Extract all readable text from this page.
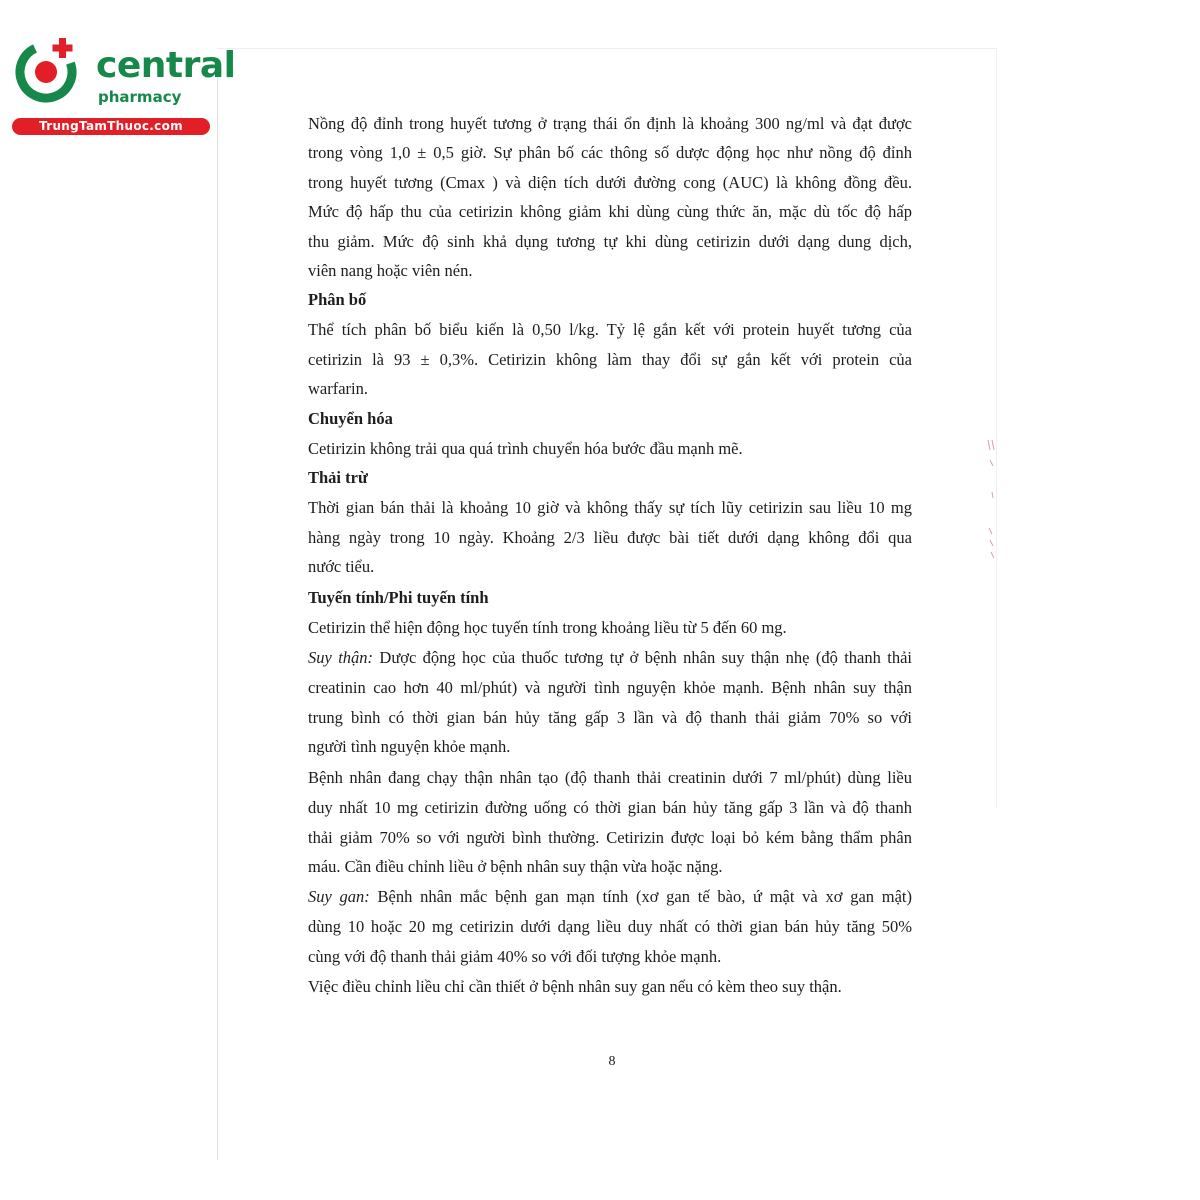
central
pharmacy
TrungTamThuoc.com	Nồng độ đỉnh trong huyết tương ở trạng thái ổn định là khoảng 300 ng/ml và đạt được
trong vòng 1,0 ± 0,5 giờ. Sự phân bố các thông số dược động học như nồng độ đỉnh
trong huyết tương (Cmax ) và diện tích dưới đường cong (AUC) là không đồng đều.
Mức độ hấp thu của cetirizin không giảm khi dùng cùng thức ăn, mặc dù tốc độ hấp
thu giảm. Mức độ sinh khả dụng tương tự khi dùng cetirizin dưới dạng dung dịch,
viên nang hoặc viên nén.
Phân bố
Thể tích phân bố biểu kiến là 0,50 l/kg. Tỷ lệ gắn kết với protein huyết tương của
cetirizin là 93 ± 0,3%. Cetirizin không làm thay đổi sự gắn kết với protein của
warfarin.
Chuyển hóa
Cetirizin không trải qua quá trình chuyển hóa bước đầu mạnh mẽ.
Thải trừ
Thời gian bán thải là khoảng 10 giờ và không thấy sự tích lũy cetirizin sau liều 10 mg
hàng ngày trong 10 ngày. Khoảng 2/3 liều được bài tiết dưới dạng không đổi qua
nước tiểu.
Tuyến tính/Phi tuyến tính
Cetirizin thể hiện động học tuyến tính trong khoảng liều từ 5 đến 60 mg.
Suy thận: Dược động học của thuốc tương tự ở bệnh nhân suy thận nhẹ (độ thanh thải
creatinin cao hơn 40 ml/phút) và người tình nguyện khỏe mạnh. Bệnh nhân suy thận
trung bình có thời gian bán hủy tăng gấp 3 lần và độ thanh thải giảm 70% so với
người tình nguyện khỏe mạnh.
Bệnh nhân đang chạy thận nhân tạo (độ thanh thải creatinin dưới 7 ml/phút) dùng liều
duy nhất 10 mg cetirizin đường uống có thời gian bán hủy tăng gấp 3 lần và độ thanh
thải giảm 70% so với người bình thường. Cetirizin được loại bỏ kém bằng thẩm phân
máu. Cần điều chỉnh liều ở bệnh nhân suy thận vừa hoặc nặng.
Suy gan: Bệnh nhân mắc bệnh gan mạn tính (xơ gan tế bào, ứ mật và xơ gan mật)
dùng 10 hoặc 20 mg cetirizin dưới dạng liều duy nhất có thời gian bán hủy tăng 50%
cùng với độ thanh thải giảm 40% so với đối tượng khỏe mạnh.
Việc điều chỉnh liều chỉ cần thiết ở bệnh nhân suy gan nếu có kèm theo suy thận.
8
